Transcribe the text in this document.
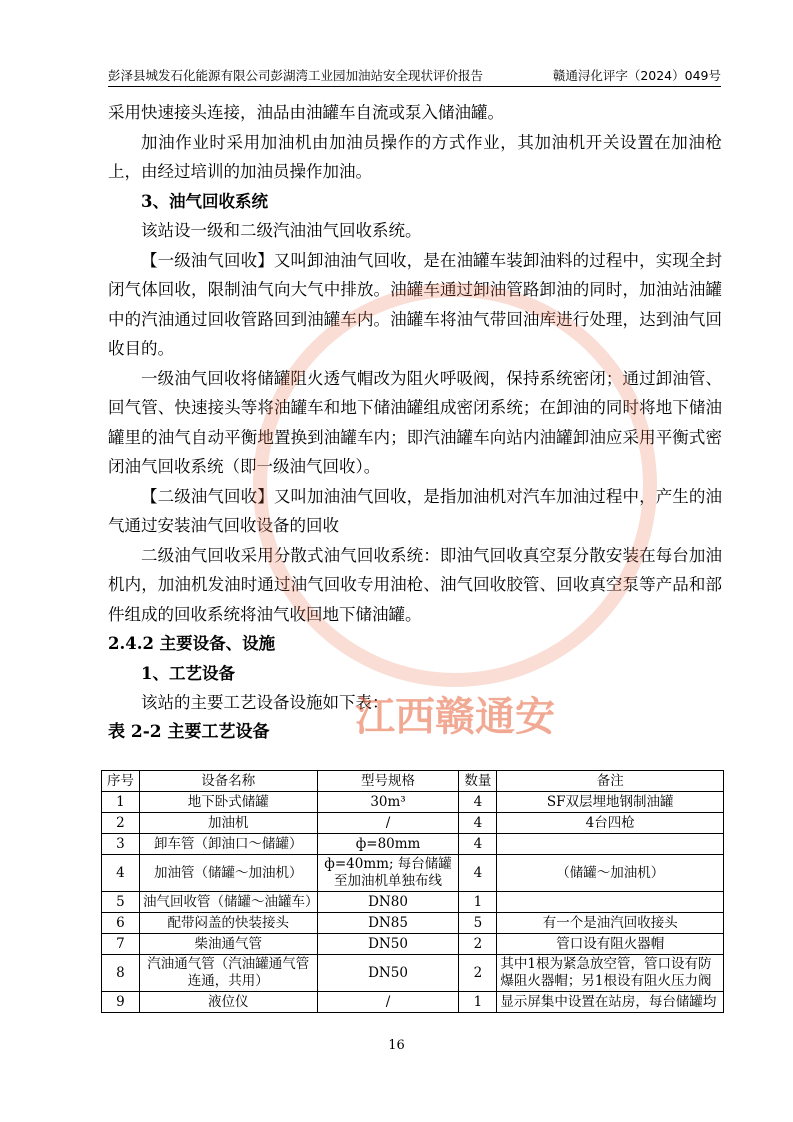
彭泽县城发石化能源有限公司彭湖湾工业园加油站安全现状评价报告	赣通浔化评字（2024）049号

采用快速接头连接，油品由油罐车自流或泵入储油罐。

加油作业时采用加油机由加油员操作的方式作业，其加油机开关设置在加油枪上，由经过培训的加油员操作加油。

3、油气回收系统

该站设一级和二级汽油油气回收系统。

【一级油气回收】又叫卸油油气回收，是在油罐车装卸油料的过程中，实现全封闭气体回收，限制油气向大气中排放。油罐车通过卸油管路卸油的同时，加油站油罐中的汽油通过回收管路回到油罐车内。油罐车将油气带回油库进行处理，达到油气回收目的。

一级油气回收将储罐阻火透气帽改为阻火呼吸阀，保持系统密闭；通过卸油管、回气管、快速接头等将油罐车和地下储油罐组成密闭系统；在卸油的同时将地下储油罐里的油气自动平衡地置换到油罐车内；即汽油罐车向站内油罐卸油应采用平衡式密闭油气回收系统（即一级油气回收）。

【二级油气回收】又叫加油油气回收，是指加油机对汽车加油过程中，产生的油气通过安装油气回收设备的回收

二级油气回收采用分散式油气回收系统：即油气回收真空泵分散安装在每台加油机内，加油机发油时通过油气回收专用油枪、油气回收胶管、回收真空泵等产品和部件组成的回收系统将油气收回地下储油罐。

2.4.2 主要设备、设施

1、工艺设备

该站的主要工艺设备设施如下表：

表 2-2 主要工艺设备

序号	设备名称	型号规格	数量	备注
1	地下卧式储罐	30m³	4	SF双层埋地钢制油罐
2	加油机	/	4	4台四枪
3	卸车管（卸油口～储罐）	ф=80mm	4	
4	加油管（储罐～加油机）	ф=40mm; 每台储罐至加油机单独布线	4	（储罐～加油机）
5	油气回收管（储罐～油罐车）	DN80	1	
6	配带闷盖的快装接头	DN85	5	有一个是油汽回收接头
7	柴油通气管	DN50	2	管口设有阻火器帽
8	汽油通气管（汽油罐通气管连通，共用）	DN50	2	其中1根为紧急放空管，管口设有防爆阻火器帽；另1根设有阻火压力阀
9	液位仪	/	1	显示屏集中设置在站房，每台储罐均
江西赣通安
16
